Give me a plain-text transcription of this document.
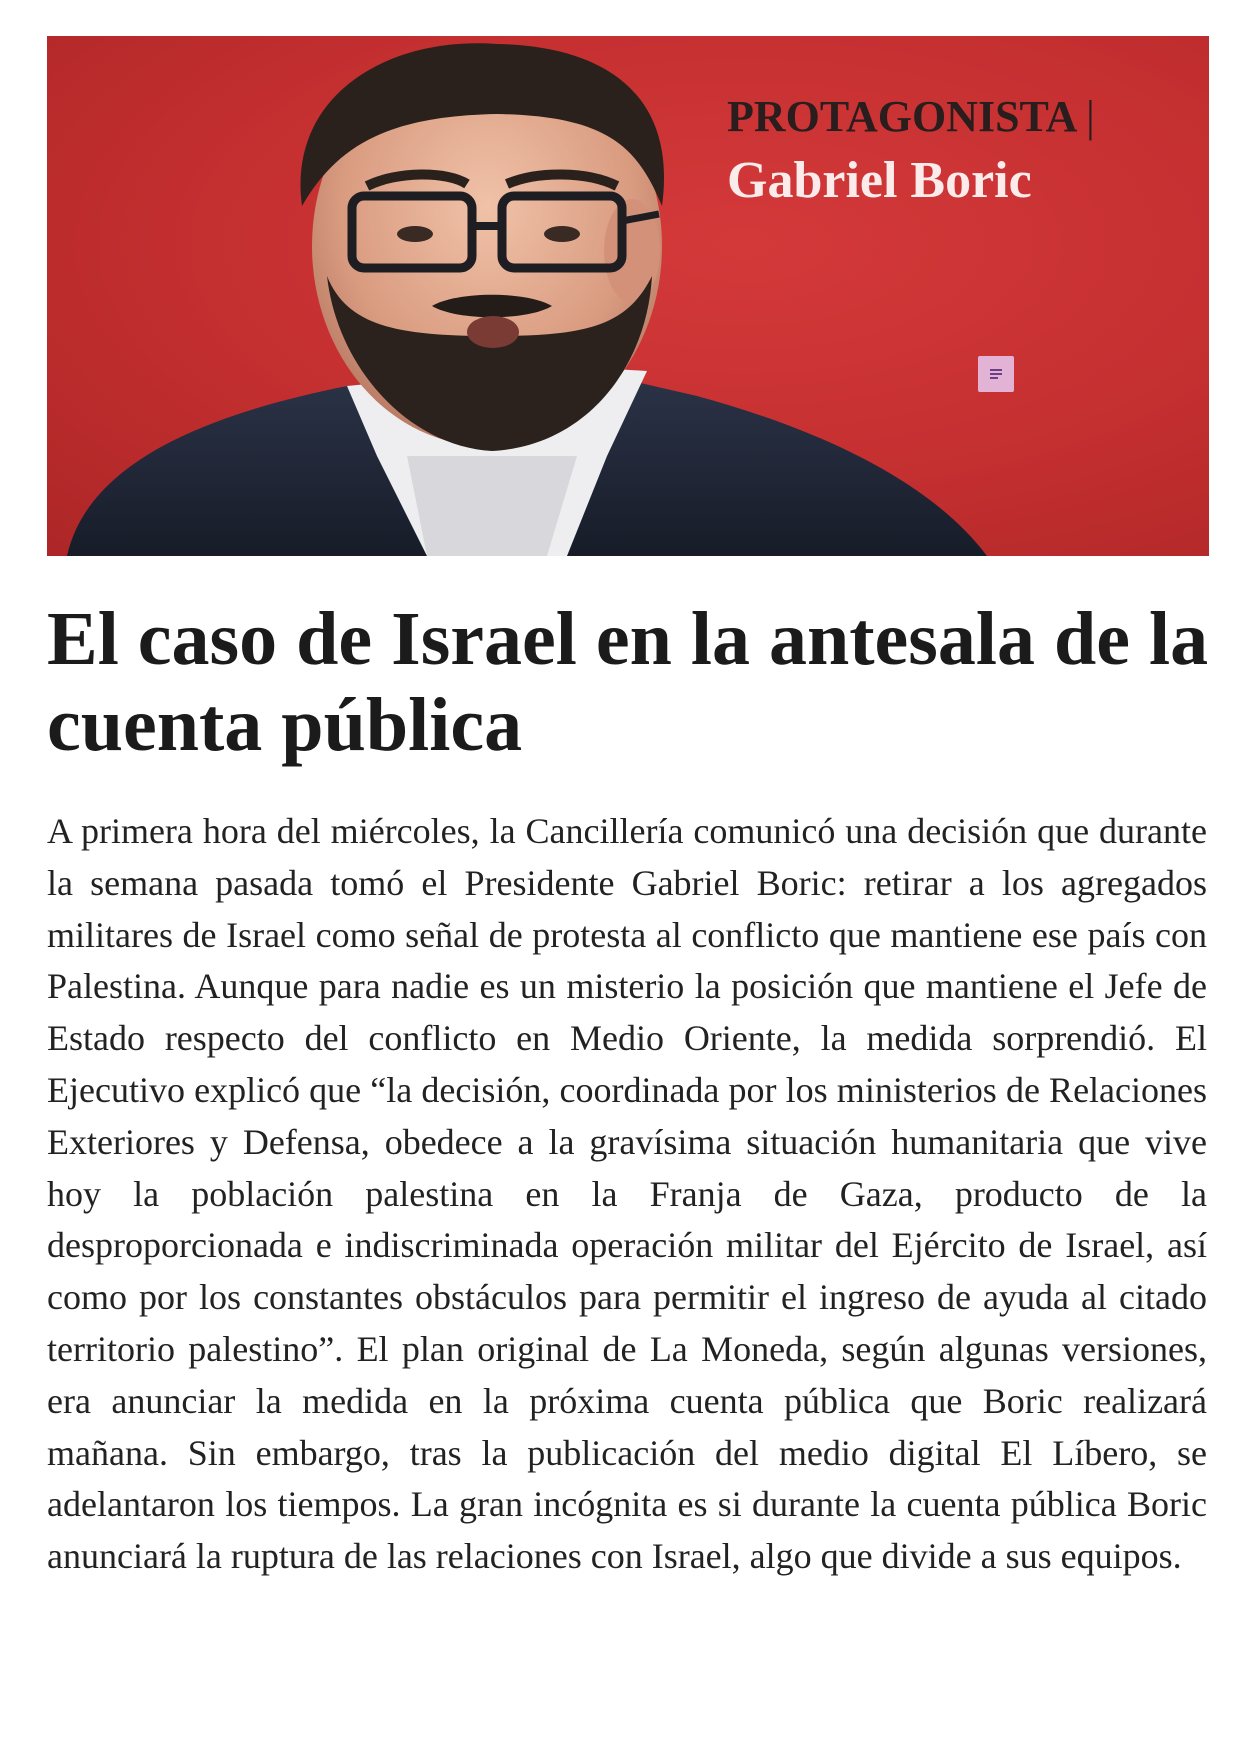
PROTAGONISTA |
Gabriel Boric
El caso de Israel en la antesala de la cuenta pública

A primera hora del miércoles, la Cancillería comunicó una decisión que durante la semana pasada tomó el Presidente Gabriel Boric: retirar a los agregados militares de Israel como señal de protesta al conflicto que mantiene ese país con Palestina. Aunque para nadie es un misterio la posición que mantiene el Jefe de Estado respecto del conflicto en Medio Oriente, la medida sorprendió. El Ejecutivo explicó que “la decisión, coordinada por los ministerios de Relaciones Exteriores y Defensa, obedece a la gravísima situación humanitaria que vive hoy la población palestina en la Franja de Gaza, producto de la desproporcionada e indiscriminada operación militar del Ejército de Israel, así como por los constantes obstáculos para permitir el ingreso de ayuda al citado territorio palestino”. El plan original de La Moneda, según algunas versiones, era anunciar la medida en la próxima cuenta pública que Boric realizará mañana. Sin embargo, tras la publicación del medio digital El Líbero, se adelantaron los tiempos. La gran incógnita es si durante la cuenta pública Boric anunciará la ruptura de las relaciones con Israel, algo que divide a sus equipos.
